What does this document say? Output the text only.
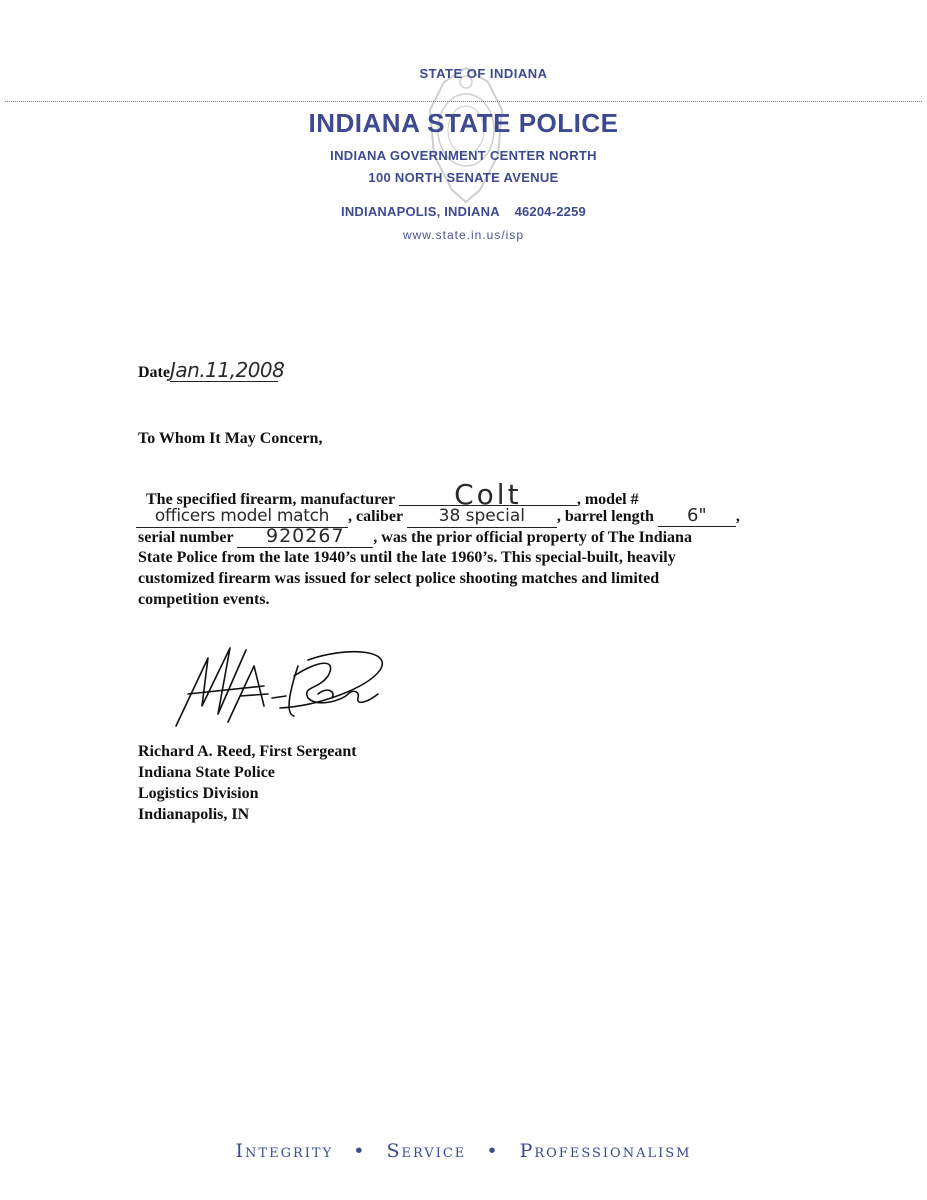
STATE OF INDIANA
INDIANA STATE POLICE
INDIANA GOVERNMENT CENTER NORTH
100 NORTH SENATE AVENUE
INDIANAPOLIS, INDIANA 46204-2259
www.state.in.us/isp
DateJan.11,2008
To Whom It May Concern,
The specified firearm, manufacturer Colt	, model #
officers model match , caliber 38 special , barrel length 6" ,
serial number 920267 , was the prior official property of The Indiana
State Police from the late 1940’s until the late 1960’s. This special-built, heavily
customized firearm was issued for select police shooting matches and limited
competition events.
Richard A. Reed, First Sergeant
Indiana State Police
Logistics Division
Indianapolis, IN
Integrity • Service • Professionalism
